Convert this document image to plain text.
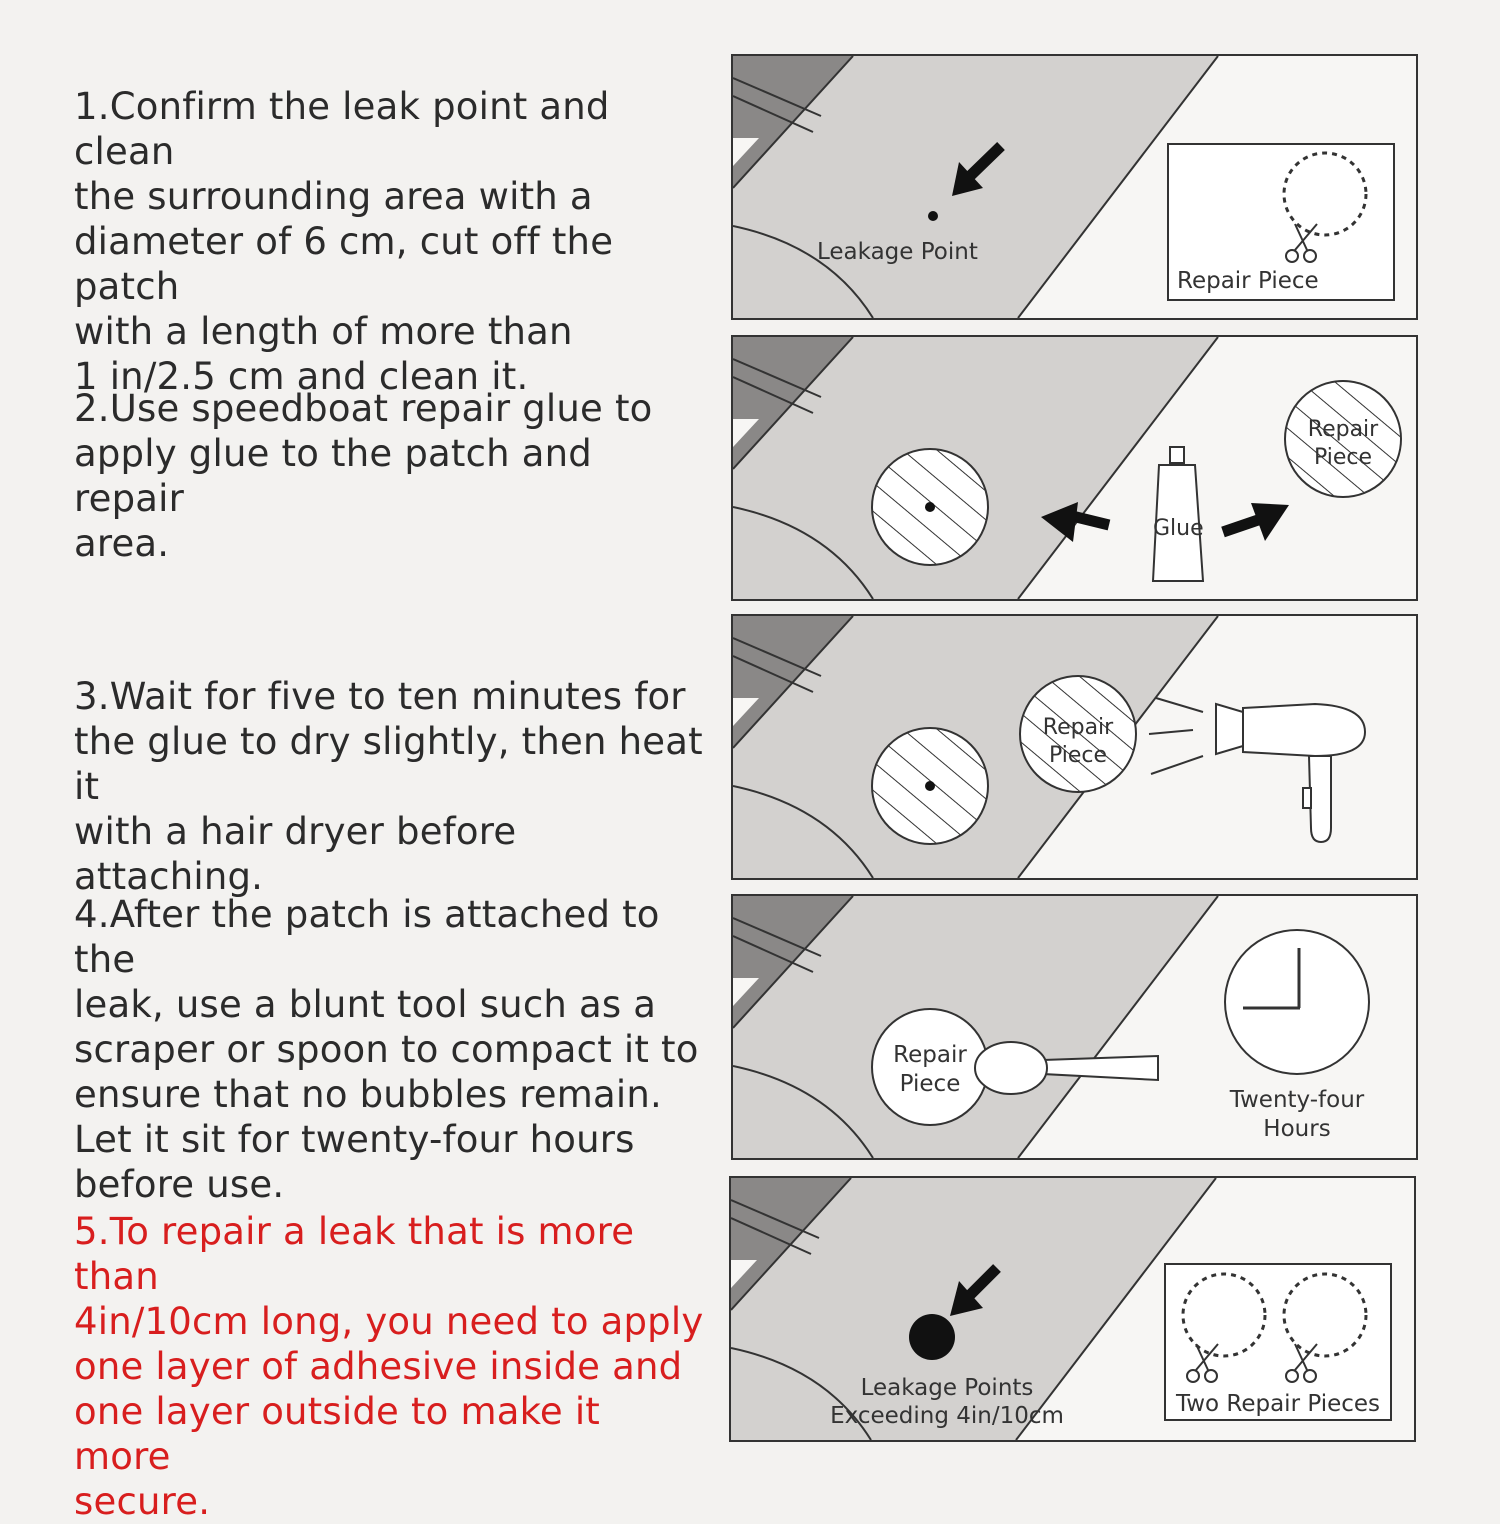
1.Confirm the leak point and clean
the surrounding area with a
diameter of 6 cm, cut off the patch
with a length of more than
1 in/2.5 cm and clean it.
2.Use speedboat repair glue to
apply glue to the patch and repair
area.
3.Wait for five to ten minutes for
the glue to dry slightly, then heat it
with a hair dryer before attaching.
4.After the patch is attached to the
leak, use a blunt tool such as a
scraper or spoon to compact it to
ensure that no bubbles remain.
Let it sit for twenty-four hours
before use.
5.To repair a leak that is more than
4in/10cm long, you need to apply
one layer of adhesive inside and
one layer outside to make it more
secure.
Leakage Point
Repair Piece
Glue
Repair
Piece
Repair
Piece
Repair
Piece
Twenty-four
Hours
Leakage Points
Exceeding 4in/10cm	Two Repair Pieces
